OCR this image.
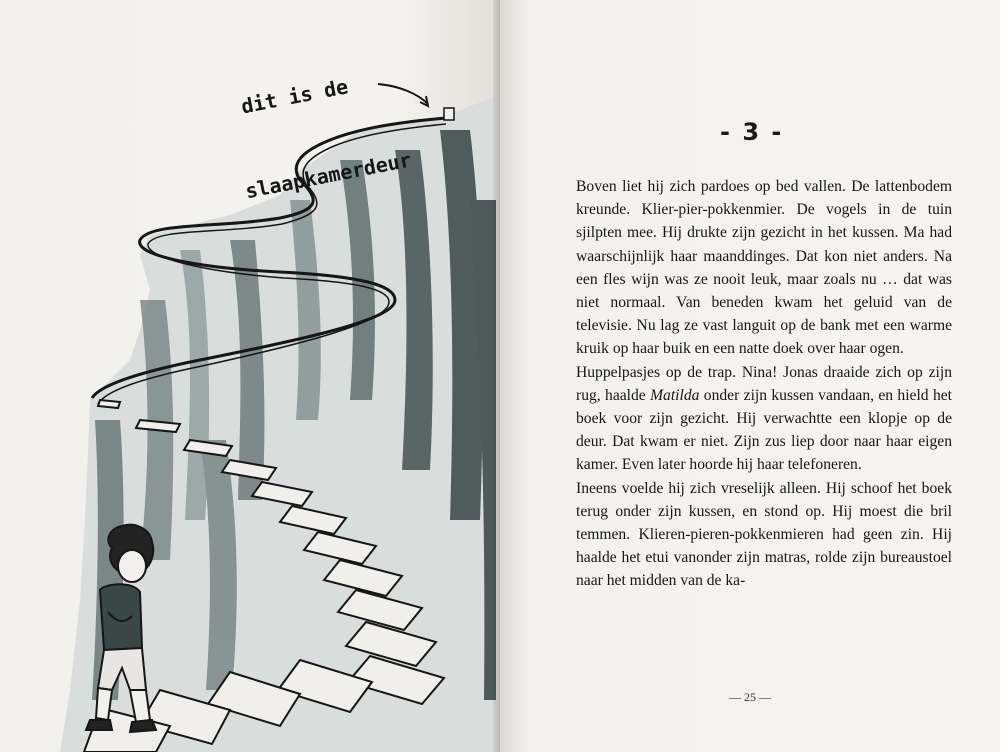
dit is de

slaapkamerdeur

- 3 -

Boven liet hij zich pardoes op bed vallen. De lattenbodem kreunde. Klier-pier-pokkenmier. De vogels in de tuin sjilpten mee. Hij drukte zijn gezicht in het kussen. Ma had waarschijnlijk haar maanddinges. Dat kon niet anders. Na een fles wijn was ze nooit leuk, maar zoals nu … dat was niet normaal. Van beneden kwam het geluid van de televisie. Nu lag ze vast languit op de bank met een warme kruik op haar buik en een natte doek over haar ogen.

Huppelpasjes op de trap. Nina! Jonas draaide zich op zijn rug, haalde Matilda onder zijn kussen vandaan, en hield het boek voor zijn gezicht. Hij verwachtte een klopje op de deur. Dat kwam er niet. Zijn zus liep door naar haar eigen kamer. Even later hoorde hij haar telefoneren.

Ineens voelde hij zich vreselijk alleen. Hij schoof het boek terug onder zijn kussen, en stond op. Hij moest die bril temmen. Klieren-pieren-pokkenmieren had geen zin. Hij haalde het etui vanonder zijn matras, rolde zijn bureaustoel naar het midden van de ka-

— 25 —
